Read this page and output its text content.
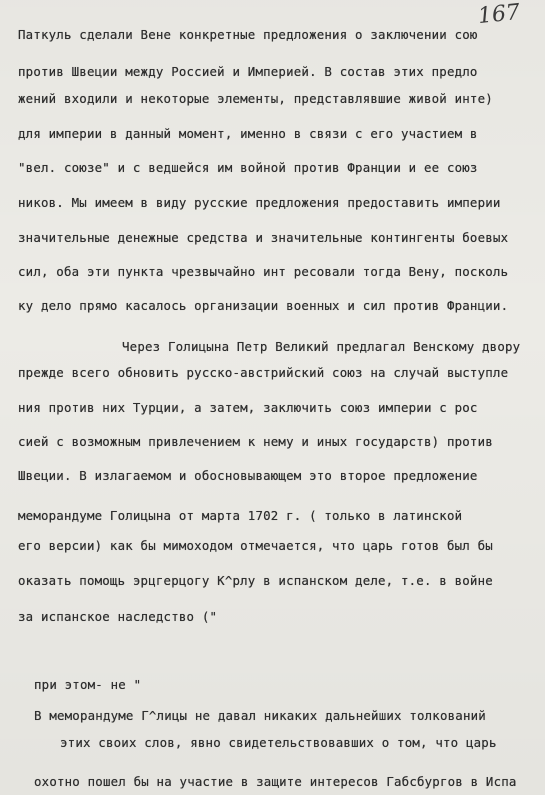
167
Паткуль сделали Вене конкретные предложения о заключении сою
против Швеции между Россией и Империей. В состав этих предло
жений входили и некоторые элементы, представлявшие живой инте)
для империи в данный момент, именно в связи с его участием в
"вел. союзе" и с ведшейся им войной против Франции и ее союз
ников. Мы имеем в виду русские предложения предоставить империи
значительные денежные средства и значительные контингенты боевых
сил, оба эти пункта чрезвычайно инт ресовали тогда Вену, посколь
ку дело прямо касалось организации военных и сил против Франции.
Через Голицына Петр Великий предлагал Венскому двору
прежде всего обновить русско-австрийский союз на случай выступле
ния против них Турции, а затем, заключить союз империи с рос
сией с возможным привлечением к нему и иных государств) против
Швеции. В излагаемом и обосновывающем это второе предложение
меморандуме Голицына от марта 1702 г. ( только в латинской
его версии) как бы мимоходом отмечается, что царь готов был бы
оказать помощь эрцгерцогу К^рлу в испанском деле, т.е. в войне
за испанское наследство ("
при этом- не "
В меморандуме Г^лицы не давал никаких дальнейших толкований
этих своих слов, явно свидетельствовавших о том, что царь
охотно пошел бы на участие в защите интересов Габсбургов в Испа
